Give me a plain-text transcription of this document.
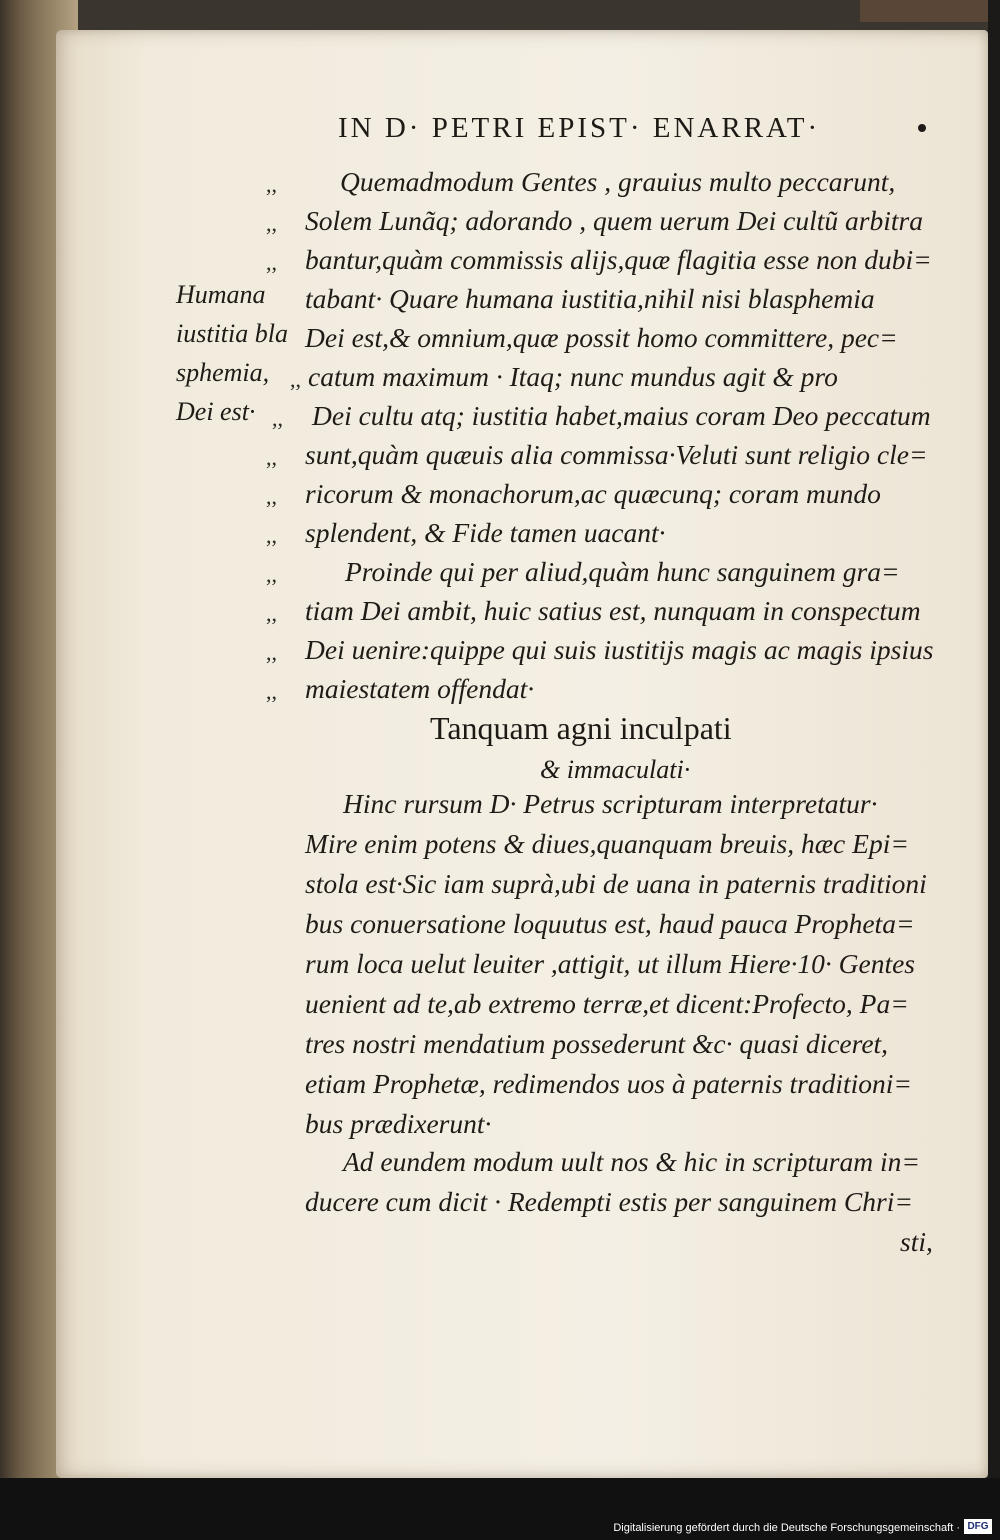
IN D· PETRI EPIST· ENARRAT·
Humana
iustitia bla
sphemia,
Dei est·
,,
,,
,,
,,
,,
,,
,,
,,
,,
,,
,,
,,
Quemadmodum Gentes , grauius multo peccarunt,
Solem Lunãq; adorando , quem uerum Dei cultũ arbitra
bantur,quàm commissis alijs,quæ flagitia esse non dubi=
tabant· Quare humana iustitia,nihil nisi blasphemia
Dei est,& omnium,quæ possit homo committere, pec=
catum maximum · Itaq; nunc mundus agit & pro
Dei cultu atq; iustitia habet,maius coram Deo peccatum
sunt,quàm quæuis alia commissa·Veluti sunt religio cle=
ricorum & monachorum,ac quæcunq; coram mundo
splendent, & Fide tamen uacant·
Proinde qui per aliud,quàm hunc sanguinem gra=
tiam Dei ambit, huic satius est, nunquam in conspectum
Dei uenire:quippe qui suis iustitijs magis ac magis ipsius
maiestatem offendat·
Tanquam agni inculpati
& immaculati·
Hinc rursum D· Petrus scripturam interpretatur·
Mire enim potens & diues,quanquam breuis, hæc Epi=
stola est·Sic iam suprà,ubi de uana in paternis traditioni
bus conuersatione loquutus est, haud pauca Propheta=
rum loca uelut leuiter ,attigit, ut illum Hiere·10· Gentes
uenient ad te,ab extremo terræ,et dicent:Profecto, Pa=
tres nostri mendatium possederunt &c· quasi diceret,
etiam Prophetæ, redimendos uos à paternis traditioni=
bus prædixerunt·
Ad eundem modum uult nos & hic in scripturam in=
ducere cum dicit · Redempti estis per sanguinem Chri=
sti,
Digitalisierung gefördert durch die Deutsche Forschungsgemeinschaft · DFG
